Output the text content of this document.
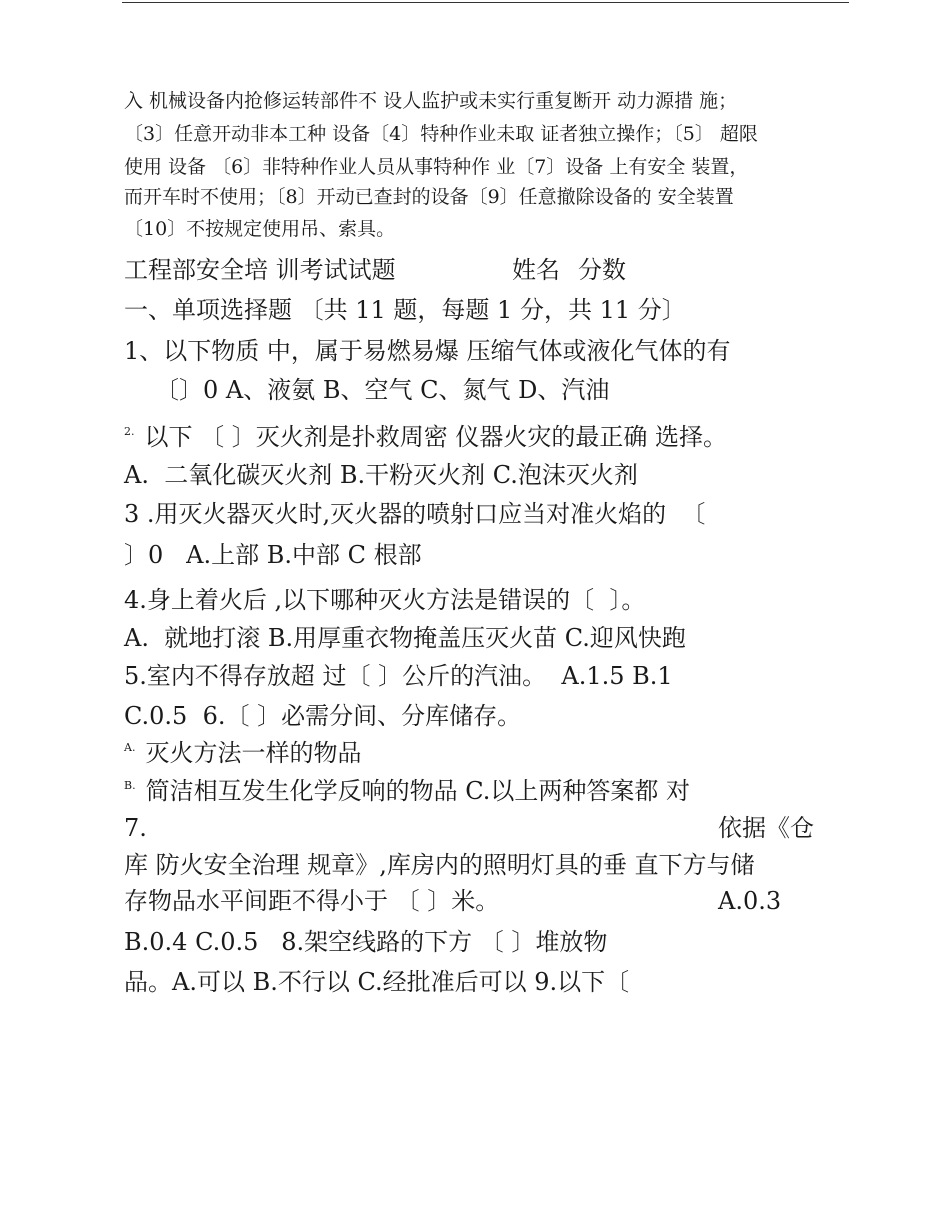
入 机械设备内抢修运转部件不 设人监护或未实行重复断开 动力源措 施；
〔3〕任意开动非本工种 设备〔4〕特种作业未取 证者独立操作；〔5〕 超限
使用 设备 〔6〕非特种作业人员从事特种作 业〔7〕设备 上有安全 装置，
而开车时不使用；〔8〕开动已查封的设备〔9〕任意撤除设备的 安全装置
〔10〕不按规定使用吊、索具。
工程部安全培 训考试试题	姓名 分数
一、单项选择题 〔共 11 题，每题 1 分，共 11 分〕
1、以下物质 中，属于易燃易爆 压缩气体或液化气体的有
〔〕0 A、液氨 B、空气 C、氮气 D、汽油
$^{2.}$ 以下 〔 〕灭火剂是扑救周密 仪器火灾的最正确 选择。
A.  二氧化碳灭火剂 B.干粉灭火剂 C.泡沫灭火剂
3 .用灭火器灭火时,灭火器的喷射口应当对准火焰的  〔
〕0   A.上部 B.中部 C 根部
4.身上着火后 ,以下哪种灭火方法是错误的〔  〕。
A.  就地打滚 B.用厚重衣物掩盖压灭火苗 C.迎风快跑
5.室内不得存放超 过〔 〕公斤的汽油。  A.1.5 B.1
C.0.5  6.〔 〕必需分间、分库储存。
$^{A.}$ 灭火方法一样的物品
$^{B.}$ 简洁相互发生化学反响的物品 C.以上两种答案都 对
7.	依据《仓
库 防火安全治理 规章》,库房内的照明灯具的垂 直下方与储
存物品水平间距不得小于 〔 〕米。	A.0.3
B.0.4 C.0.5   8.架空线路的下方 〔 〕堆放物
品。A.可以 B.不行以 C.经批准后可以 9.以下〔
